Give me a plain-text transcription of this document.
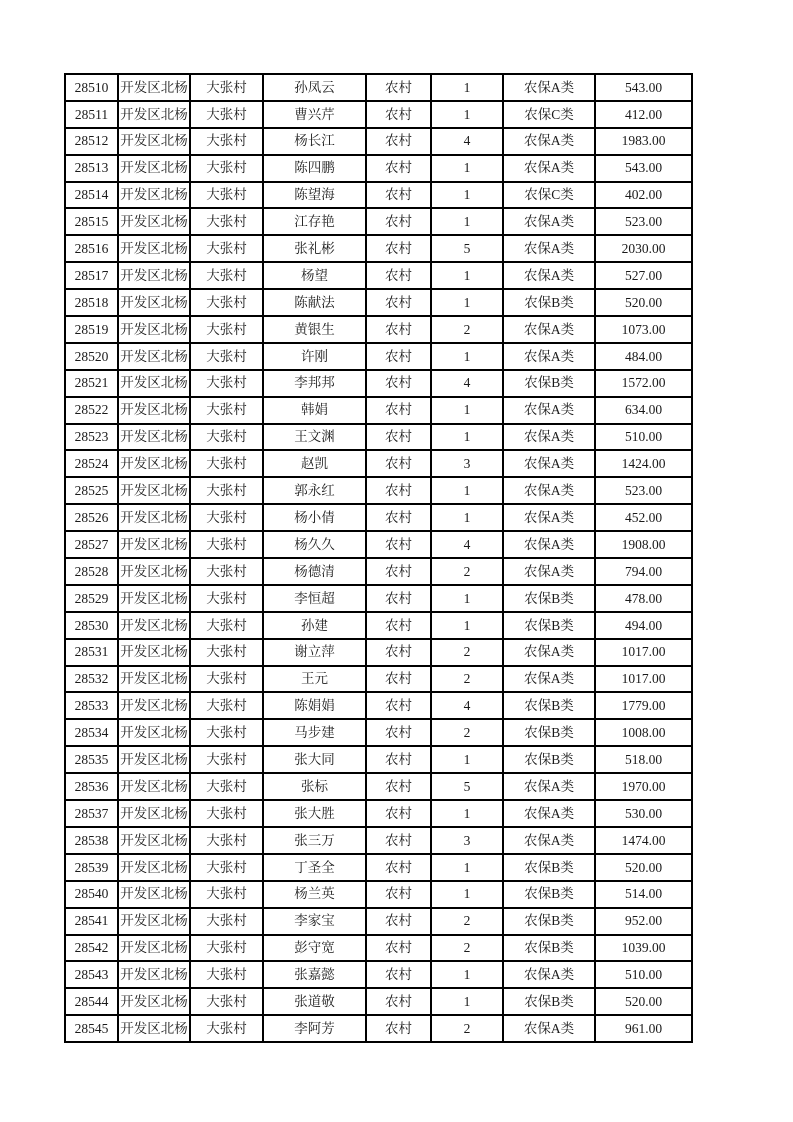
28510	开发区北杨	大张村	孙凤云	农村	1	农保A类	543.00
28511	开发区北杨	大张村	曹兴芹	农村	1	农保C类	412.00
28512	开发区北杨	大张村	杨长江	农村	4	农保A类	1983.00
28513	开发区北杨	大张村	陈四鹏	农村	1	农保A类	543.00
28514	开发区北杨	大张村	陈望海	农村	1	农保C类	402.00
28515	开发区北杨	大张村	江存艳	农村	1	农保A类	523.00
28516	开发区北杨	大张村	张礼彬	农村	5	农保A类	2030.00
28517	开发区北杨	大张村	杨望	农村	1	农保A类	527.00
28518	开发区北杨	大张村	陈献法	农村	1	农保B类	520.00
28519	开发区北杨	大张村	黄银生	农村	2	农保A类	1073.00
28520	开发区北杨	大张村	许刚	农村	1	农保A类	484.00
28521	开发区北杨	大张村	李邦邦	农村	4	农保B类	1572.00
28522	开发区北杨	大张村	韩娟	农村	1	农保A类	634.00
28523	开发区北杨	大张村	王文渊	农村	1	农保A类	510.00
28524	开发区北杨	大张村	赵凯	农村	3	农保A类	1424.00
28525	开发区北杨	大张村	郭永红	农村	1	农保A类	523.00
28526	开发区北杨	大张村	杨小倩	农村	1	农保A类	452.00
28527	开发区北杨	大张村	杨久久	农村	4	农保A类	1908.00
28528	开发区北杨	大张村	杨德清	农村	2	农保A类	794.00
28529	开发区北杨	大张村	李恒超	农村	1	农保B类	478.00
28530	开发区北杨	大张村	孙建	农村	1	农保B类	494.00
28531	开发区北杨	大张村	谢立萍	农村	2	农保A类	1017.00
28532	开发区北杨	大张村	王元	农村	2	农保A类	1017.00
28533	开发区北杨	大张村	陈娟娟	农村	4	农保B类	1779.00
28534	开发区北杨	大张村	马步建	农村	2	农保B类	1008.00
28535	开发区北杨	大张村	张大同	农村	1	农保B类	518.00
28536	开发区北杨	大张村	张标	农村	5	农保A类	1970.00
28537	开发区北杨	大张村	张大胜	农村	1	农保A类	530.00
28538	开发区北杨	大张村	张三万	农村	3	农保A类	1474.00
28539	开发区北杨	大张村	丁圣全	农村	1	农保B类	520.00
28540	开发区北杨	大张村	杨兰英	农村	1	农保B类	514.00
28541	开发区北杨	大张村	李家宝	农村	2	农保B类	952.00
28542	开发区北杨	大张村	彭守宽	农村	2	农保B类	1039.00
28543	开发区北杨	大张村	张嘉懿	农村	1	农保A类	510.00
28544	开发区北杨	大张村	张道敬	农村	1	农保B类	520.00
28545	开发区北杨	大张村	李阿芳	农村	2	农保A类	961.00
